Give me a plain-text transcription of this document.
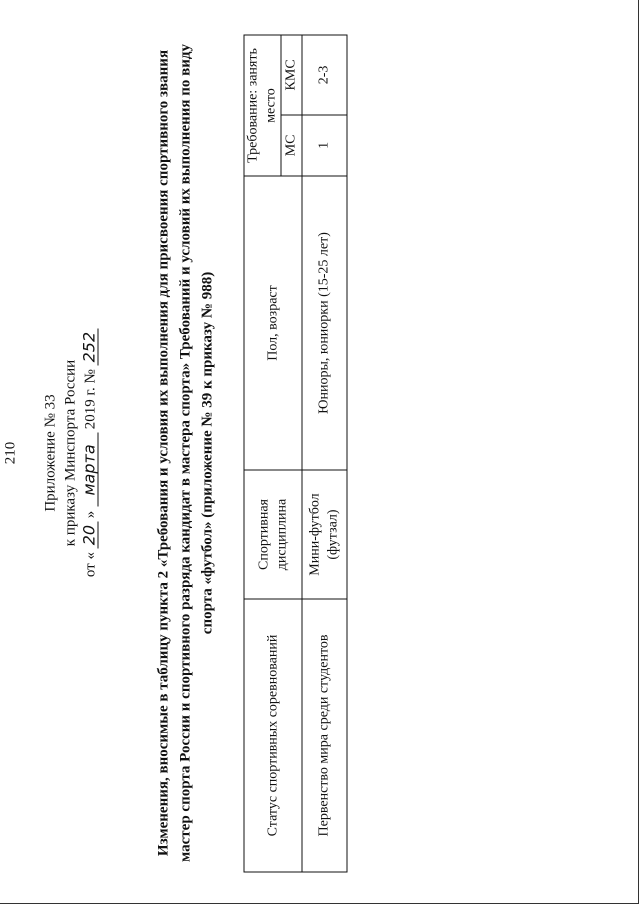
210 Приложение № 33 к приказу Минспорта России
от « 20 » марта 2019 г. № 252	Изменения, вносимые в таблицу пункта 2 «Требования и условия их выполнения для присвоения спортивного звания мастер спорта России и спортивного разряда кандидат в мастера спорта» Требований и условий их выполнения по виду спорта «футбол» (приложение № 39 к приказу № 988)
Статус спортивных соревнований	Спортивная дисциплина	Пол, возраст	Требование: занять место	
			МС	КМС
Первенство мира среди студентов	Мини-футбол (футзал)	Юниоры, юниорки (15-25 лет)	1	2-3
